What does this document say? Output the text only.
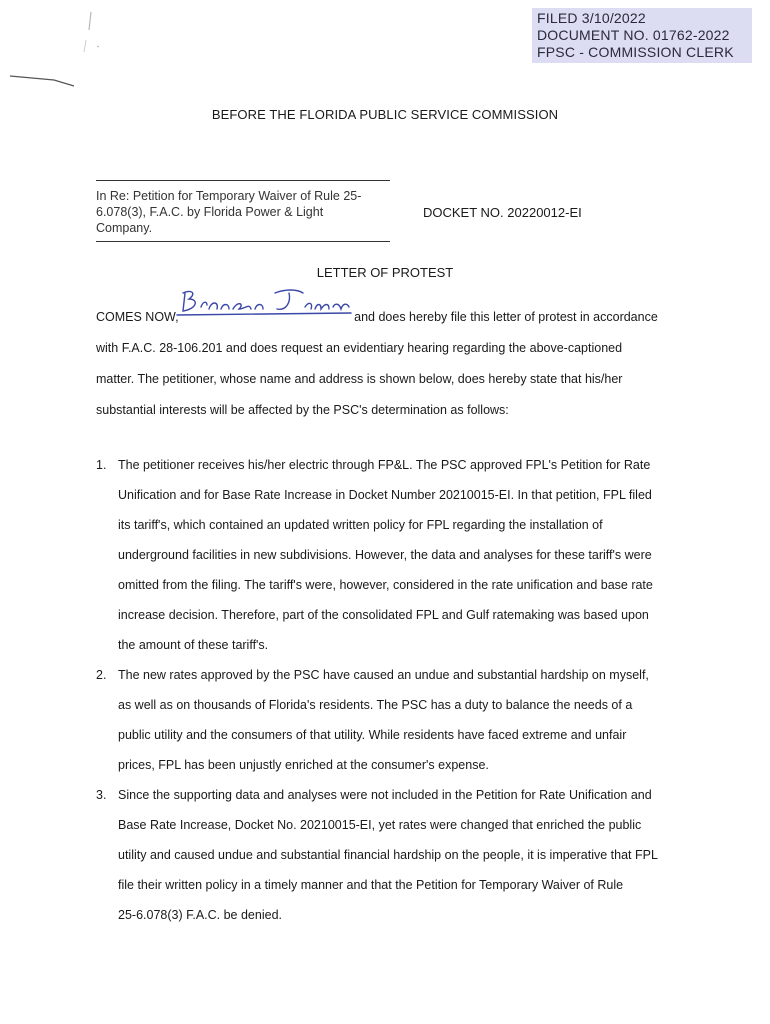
FILED 3/10/2022
DOCUMENT NO. 01762-2022
FPSC - COMMISSION CLERK
BEFORE THE FLORIDA PUBLIC SERVICE COMMISSION
In Re: Petition for Temporary Waiver of Rule 25-
6.078(3), F.A.C. by Florida Power & Light
Company.
DOCKET NO. 20220012-EI
LETTER OF PROTEST

COMES NOW,	and does hereby file this letter of protest in accordance

with F.A.C. 28-106.201 and does request an evidentiary hearing regarding the above-captioned

matter. The petitioner, whose name and address is shown below, does hereby state that his/her

substantial interests will be affected by the PSC's determination as follows:

1. The petitioner receives his/her electric through FP&L. The PSC approved FPL's Petition for Rate
Unification and for Base Rate Increase in Docket Number 20210015-EI. In that petition, FPL filed
its tariff's, which contained an updated written policy for FPL regarding the installation of
underground facilities in new subdivisions. However, the data and analyses for these tariff's were
omitted from the filing. The tariff's were, however, considered in the rate unification and base rate
increase decision. Therefore, part of the consolidated FPL and Gulf ratemaking was based upon
the amount of these tariff's.
2. The new rates approved by the PSC have caused an undue and substantial hardship on myself,
as well as on thousands of Florida's residents. The PSC has a duty to balance the needs of a
public utility and the consumers of that utility. While residents have faced extreme and unfair
prices, FPL has been unjustly enriched at the consumer's expense.
3. Since the supporting data and analyses were not included in the Petition for Rate Unification and
Base Rate Increase, Docket No. 20210015-EI, yet rates were changed that enriched the public
utility and caused undue and substantial financial hardship on the people, it is imperative that FPL
file their written policy in a timely manner and that the Petition for Temporary Waiver of Rule
25-6.078(3) F.A.C. be denied.
